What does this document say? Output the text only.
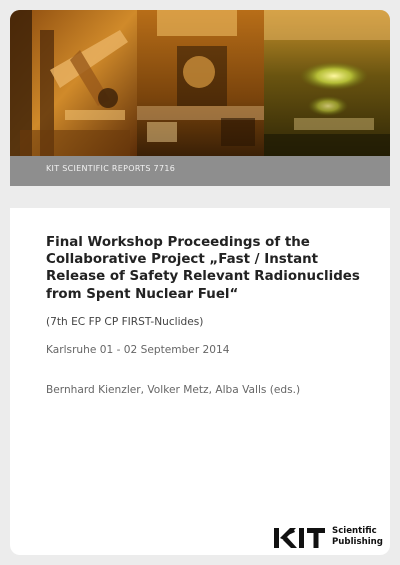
KIT SCIENTIFIC REPORTS 7716
Final Workshop Proceedings of the
Collaborative Project „Fast / Instant
Release of Safety Relevant Radionuclides
from Spent Nuclear Fuel“
(7th EC FP CP FIRST-Nuclides)
Karlsruhe 01 - 02 September 2014
Bernhard Kienzler, Volker Metz, Alba Valls (eds.)
Scientific
Publishing
